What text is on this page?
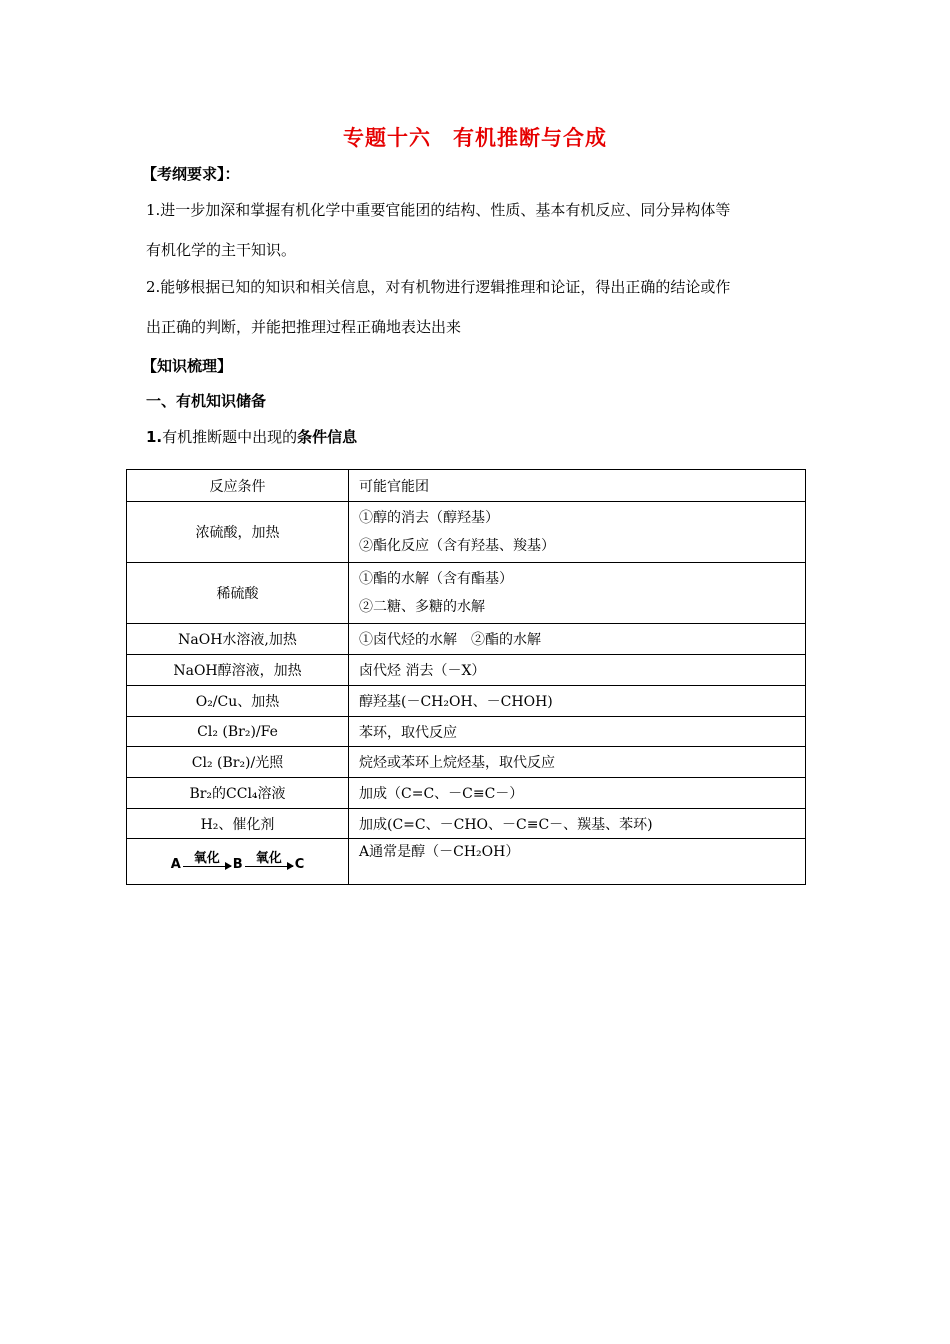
专题十六　有机推断与合成
【考纲要求】：
1.进一步加深和掌握有机化学中重要官能团的结构、性质、基本有机反应、同分异构体等
有机化学的主干知识。
2.能够根据已知的知识和相关信息，对有机物进行逻辑推理和论证，得出正确的结论或作
出正确的判断，并能把推理过程正确地表达出来
【知识梳理】
一、有机知识储备
1.有机推断题中出现的条件信息
反应条件	可能官能团
浓硫酸，加热	①醇的消去（醇羟基）
②酯化反应（含有羟基、羧基）

稀硫酸	①酯的水解（含有酯基）
②二糖、多糖的水解

NaOH水溶液,加热	①卤代烃的水解　②酯的水解
NaOH醇溶液，加热	卤代烃 消去（－X）
O₂/Cu、加热	醇羟基(－CH₂OH、－CHOH)
Cl₂ (Br₂)/Fe	苯环，取代反应
Cl₂ (Br₂)/光照	烷烃或苯环上烷烃基，取代反应
Br₂的CCl₄溶液	加成（C=C、－C≡C－）
H₂、催化剂	加成(C=C、－CHO、－C≡C－、羰基、苯环)

A 氧化 B 氧化 C	A通常是醇（－CH₂OH）
